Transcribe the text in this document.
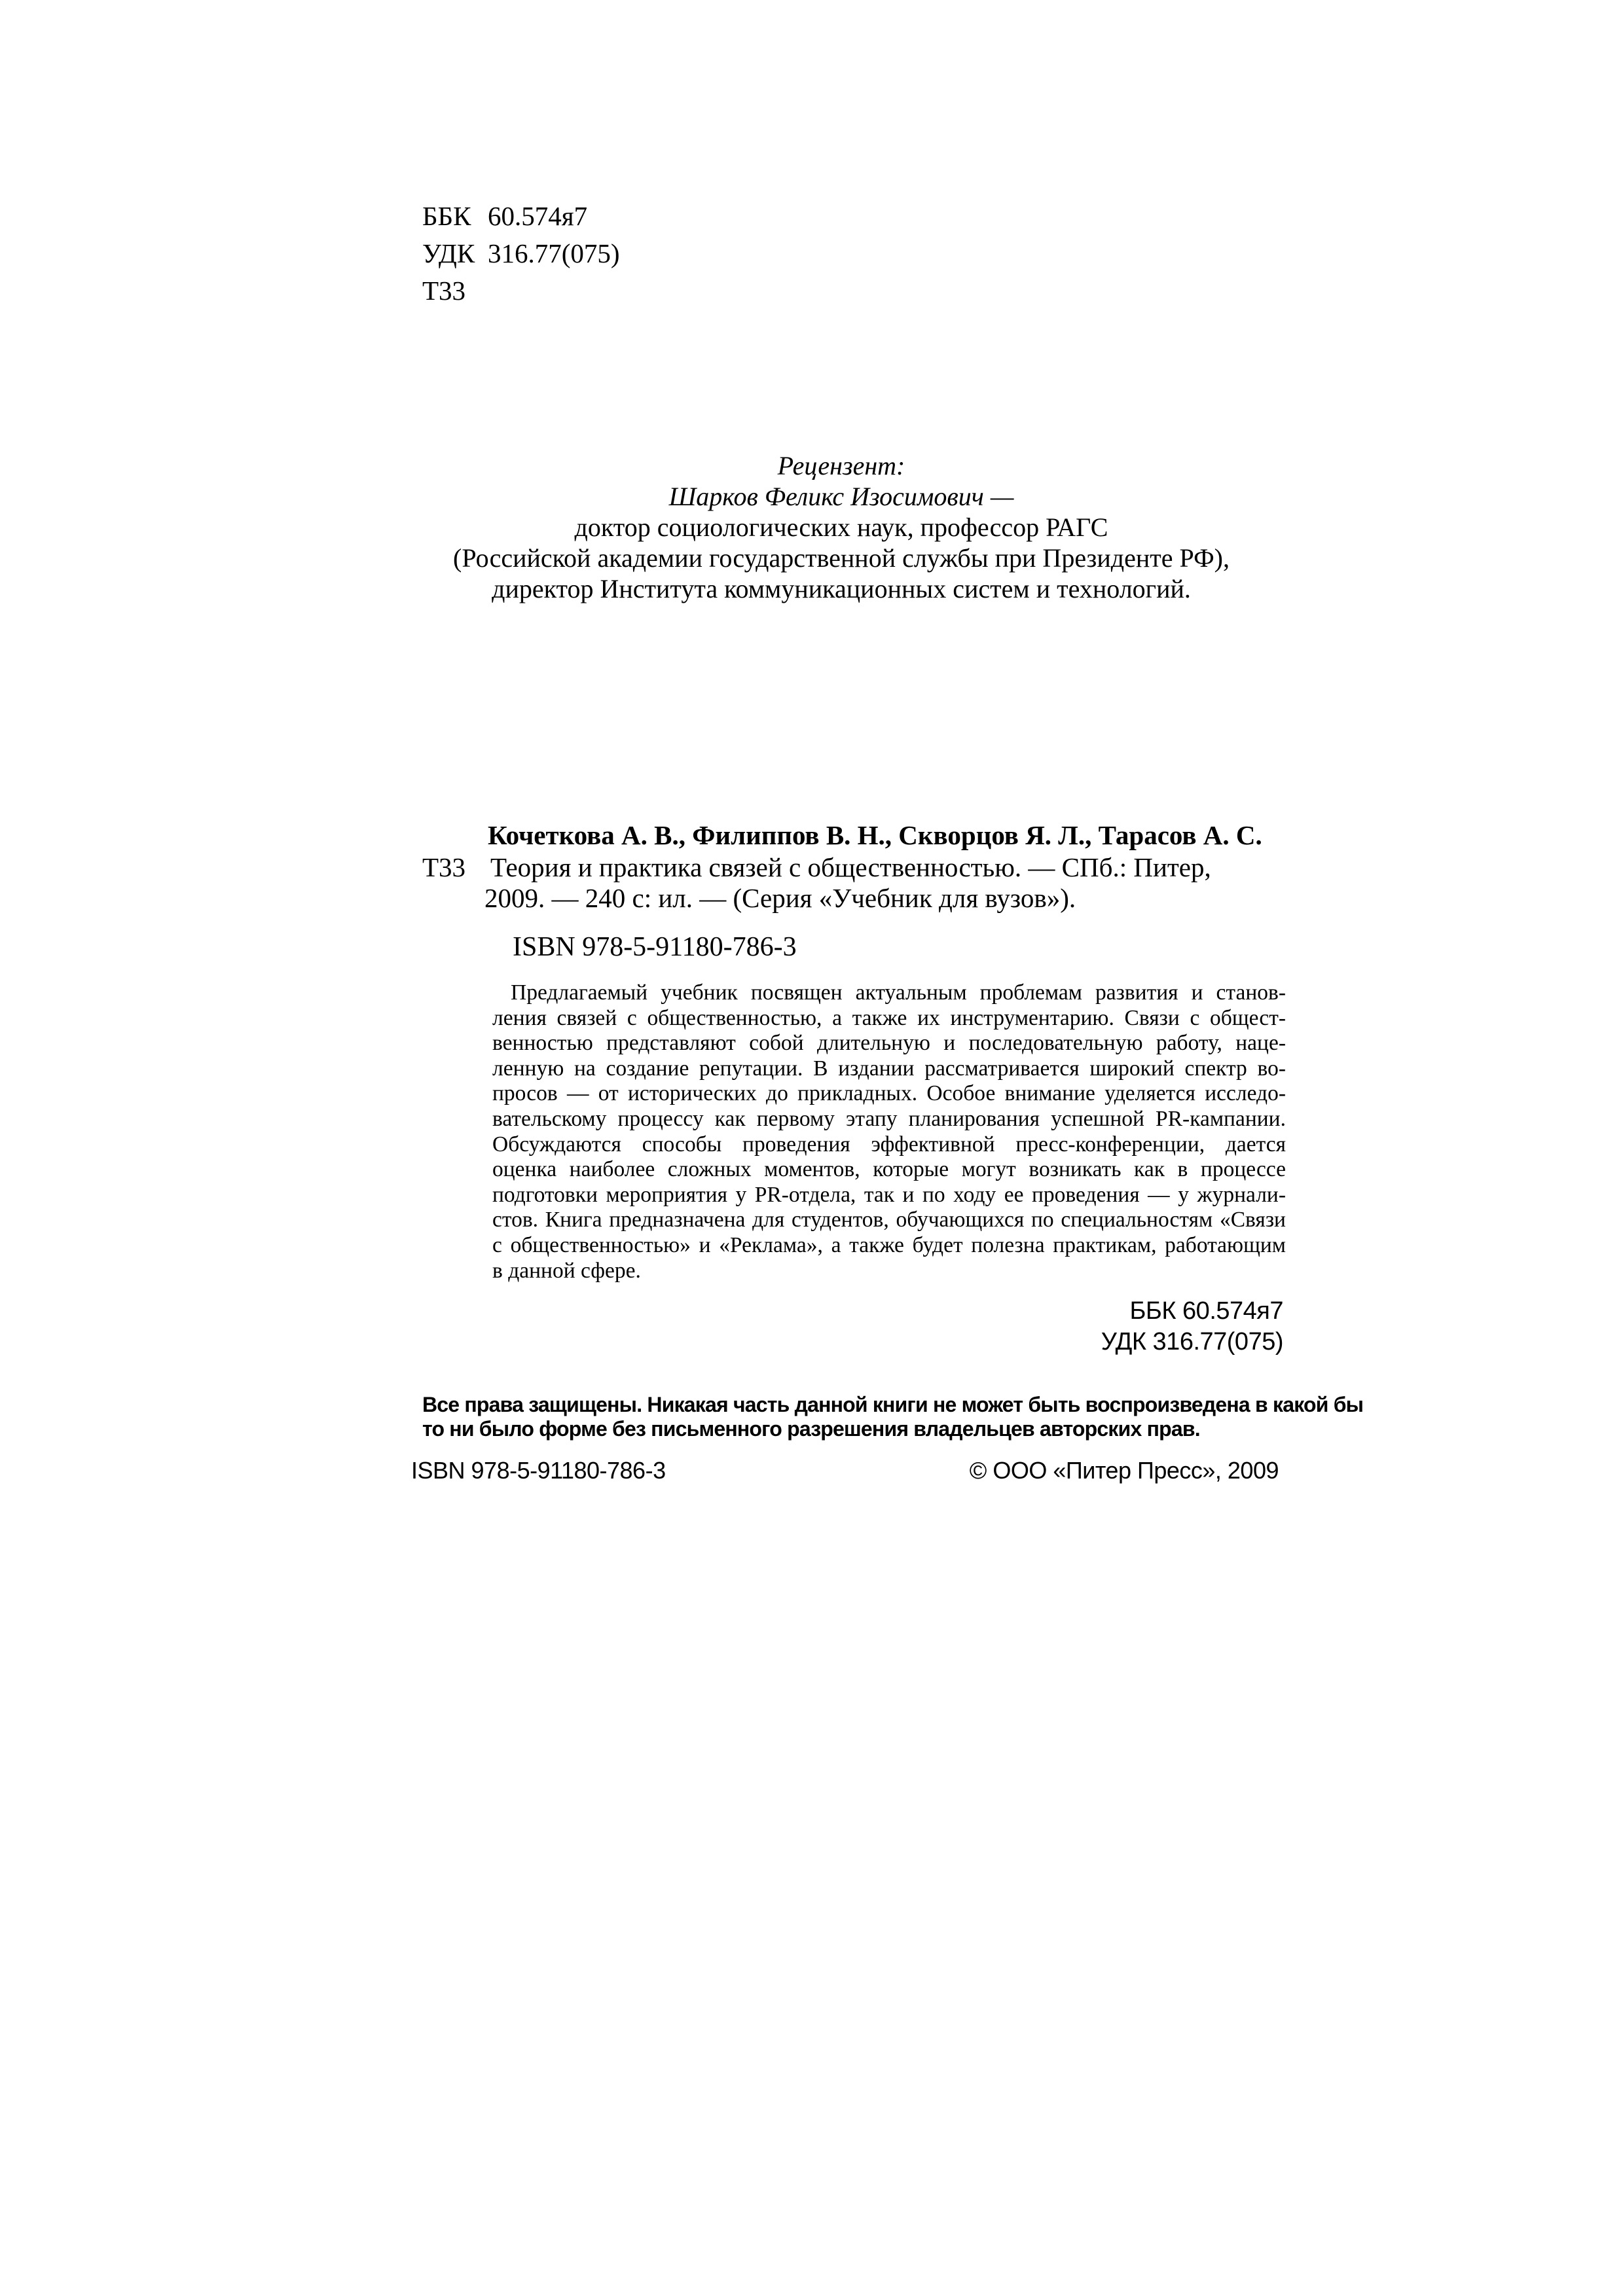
ББК 60.574я7
УДК 316.77(075)
Т33
Рецензент:
Шарков Феликс Изосимович —
доктор социологических наук, профессор РАГС
(Российской академии государственной службы при Президенте РФ),
директор Института коммуникационных систем и технологий.
Кочеткова А. В., Филиппов В. Н., Скворцов Я. Л., Тарасов А. С.
Т33 Теория и практика связей с общественностью. — СПб.: Питер,
2009. — 240 с: ил. — (Серия «Учебник для вузов»).
ISBN 978-5-91180-786-3
Предлагаемый учебник посвящен актуальным проблемам развития и станов-
ления связей с общественностью, а также их инструментарию. Связи с общест-
венностью представляют собой длительную и последовательную работу, наце-
ленную на создание репутации. В издании рассматривается широкий спектр во-
просов — от исторических до прикладных. Особое внимание уделяется исследо-
вательскому процессу как первому этапу планирования успешной PR-кампании.
Обсуждаются способы проведения эффективной пресс-конференции, дается
оценка наиболее сложных моментов, которые могут возникать как в процессе
подготовки мероприятия у PR-отдела, так и по ходу ее проведения — у журнали-
стов. Книга предназначена для студентов, обучающихся по специальностям «Связи
с общественностью» и «Реклама», а также будет полезна практикам, работающим
в данной сфере.
ББК 60.574я7
УДК 316.77(075)
Все права защищены. Никакая часть данной книги не может быть воспроизведена в какой бы
то ни было форме без письменного разрешения владельцев авторских прав.
ISBN 978-5-91180-786-3	© ООО «Питер Пресс», 2009
